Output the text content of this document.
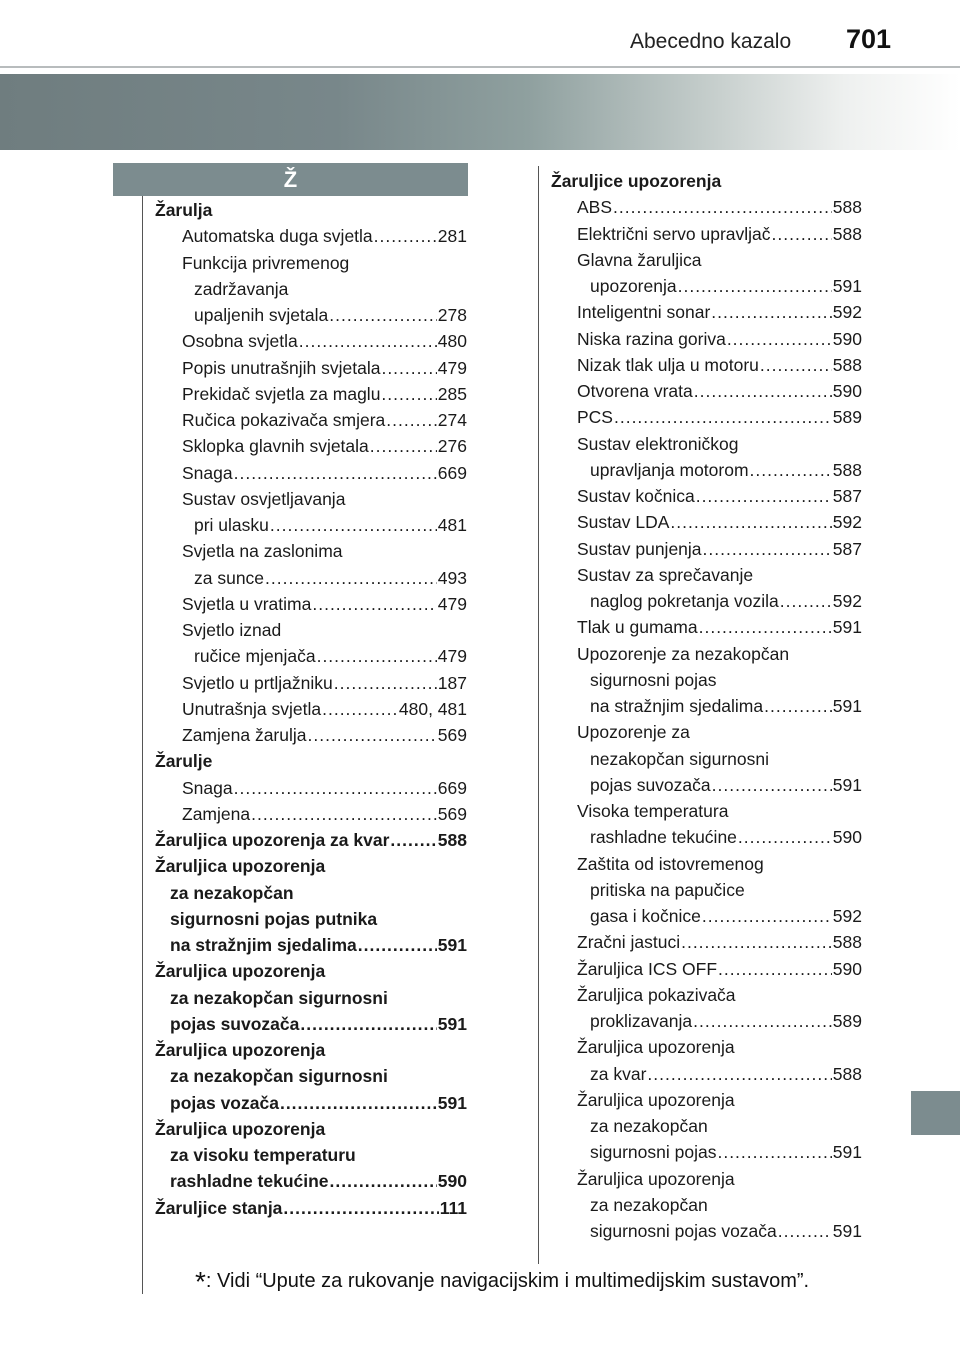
Abecedno kazalo 701
Ž
Žarulja
Automatska duga svjetla .....	281
Funkcija privremenog
zadržavanja
upaljenih svjetala .....	278
Osobna svjetla .....	480
Popis unutrašnjih svjetala .....	479
Prekidač svjetla za maglu .....	285
Ručica pokazivača smjera .....	274
Sklopka glavnih svjetala .....	276
Snaga .....	669
Sustav osvjetljavanja
pri ulasku .....	481
Svjetla na zaslonima
za sunce .....	493
Svjetla u vratima .....	479
Svjetlo iznad
ručice mjenjača .....	479
Svjetlo u prtljažniku .....	187
Unutrašnja svjetla .....	480, 481
Zamjena žarulja .....	569
Žarulje
Snaga .....	669
Zamjena .....	569
Žaruljica upozorenja za kvar .....	588
Žaruljica upozorenja
za nezakopčan
sigurnosni pojas putnika
na stražnjim sjedalima .....	591
Žaruljica upozorenja
za nezakopčan sigurnosni
pojas suvozača .....	591
Žaruljica upozorenja
za nezakopčan sigurnosni
pojas vozača .....	591
Žaruljica upozorenja
za visoku temperaturu
rashladne tekućine .....	590
Žaruljice stanja .....	111
Žaruljice upozorenja
ABS .....	588
Električni servo upravljač .....	588
Glavna žaruljica
upozorenja .....	591
Inteligentni sonar .....	592
Niska razina goriva .....	590
Nizak tlak ulja u motoru .....	588
Otvorena vrata .....	590
PCS .....	589
Sustav elektroničkog
upravljanja motorom .....	588
Sustav kočnica .....	587
Sustav LDA .....	592
Sustav punjenja .....	587
Sustav za sprečavanje
naglog pokretanja vozila .....	592
Tlak u gumama .....	591
Upozorenje za nezakopčan
sigurnosni pojas
na stražnjim sjedalima .....	591
Upozorenje za
nezakopčan sigurnosni
pojas suvozača .....	591
Visoka temperatura
rashladne tekućine .....	590
Zaštita od istovremenog
pritiska na papučice
gasa i kočnice .....	592
Zračni jastuci .....	588
Žaruljica ICS OFF .....	590
Žaruljica pokazivača
proklizavanja .....	589
Žaruljica upozorenja
za kvar .....	588
Žaruljica upozorenja
za nezakopčan
sigurnosni pojas .....	591
Žaruljica upozorenja
za nezakopčan
sigurnosni pojas vozača .....	591
*: Vidi “Upute za rukovanje navigacijskim i multimedijskim sustavom”.
